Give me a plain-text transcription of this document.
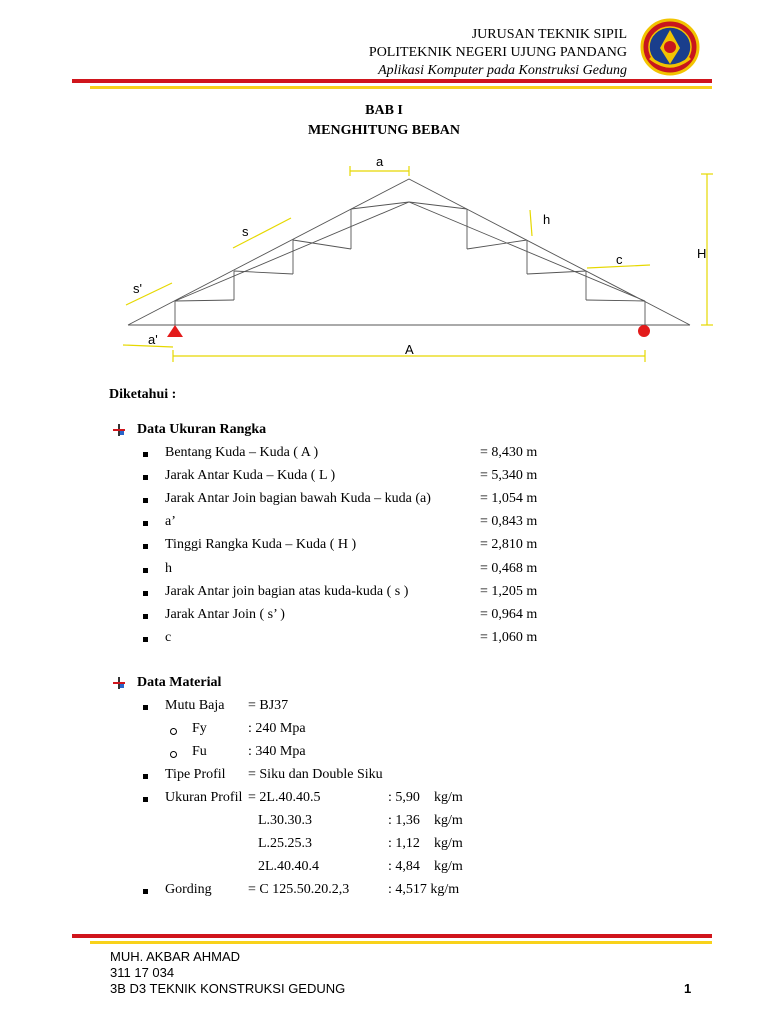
JURUSAN TEKNIK SIPIL
POLITEKNIK NEGERI UJUNG PANDANG
Aplikasi Komputer pada Konstruksi Gedung
BAB I
MENGHITUNG BEBAN
a
s
s'
a'
h
c	H
A
Diketahui :
Data Ukuran Rangka
Bentang Kuda – Kuda ( A )	= 8,430 m
Jarak Antar Kuda – Kuda ( L )	= 5,340 m
Jarak Antar Join bagian bawah Kuda – kuda (a)	= 1,054 m
a’	= 0,843 m
Tinggi Rangka Kuda – Kuda ( H )	= 2,810 m
h	= 0,468 m
Jarak Antar join bagian atas kuda-kuda ( s )	= 1,205 m
Jarak Antar Join ( s’ )	= 0,964 m
c	= 1,060 m
Data Material
Mutu Baja = BJ37
Fy	: 240 Mpa
Fu	: 340 Mpa
Tipe Profil = Siku dan Double Siku
Ukuran Profil = 2L.40.40.5	: 5,90 kg/m
L.30.30.3	: 1,36 kg/m
L.25.25.3	: 1,12 kg/m
2L.40.40.4	: 4,84 kg/m
Gording	= C 125.50.20.2,3	: 4,517 kg/m
MUH. AKBAR AHMAD
311 17 034
3B D3 TEKNIK KONSTRUKSI GEDUNG	1
